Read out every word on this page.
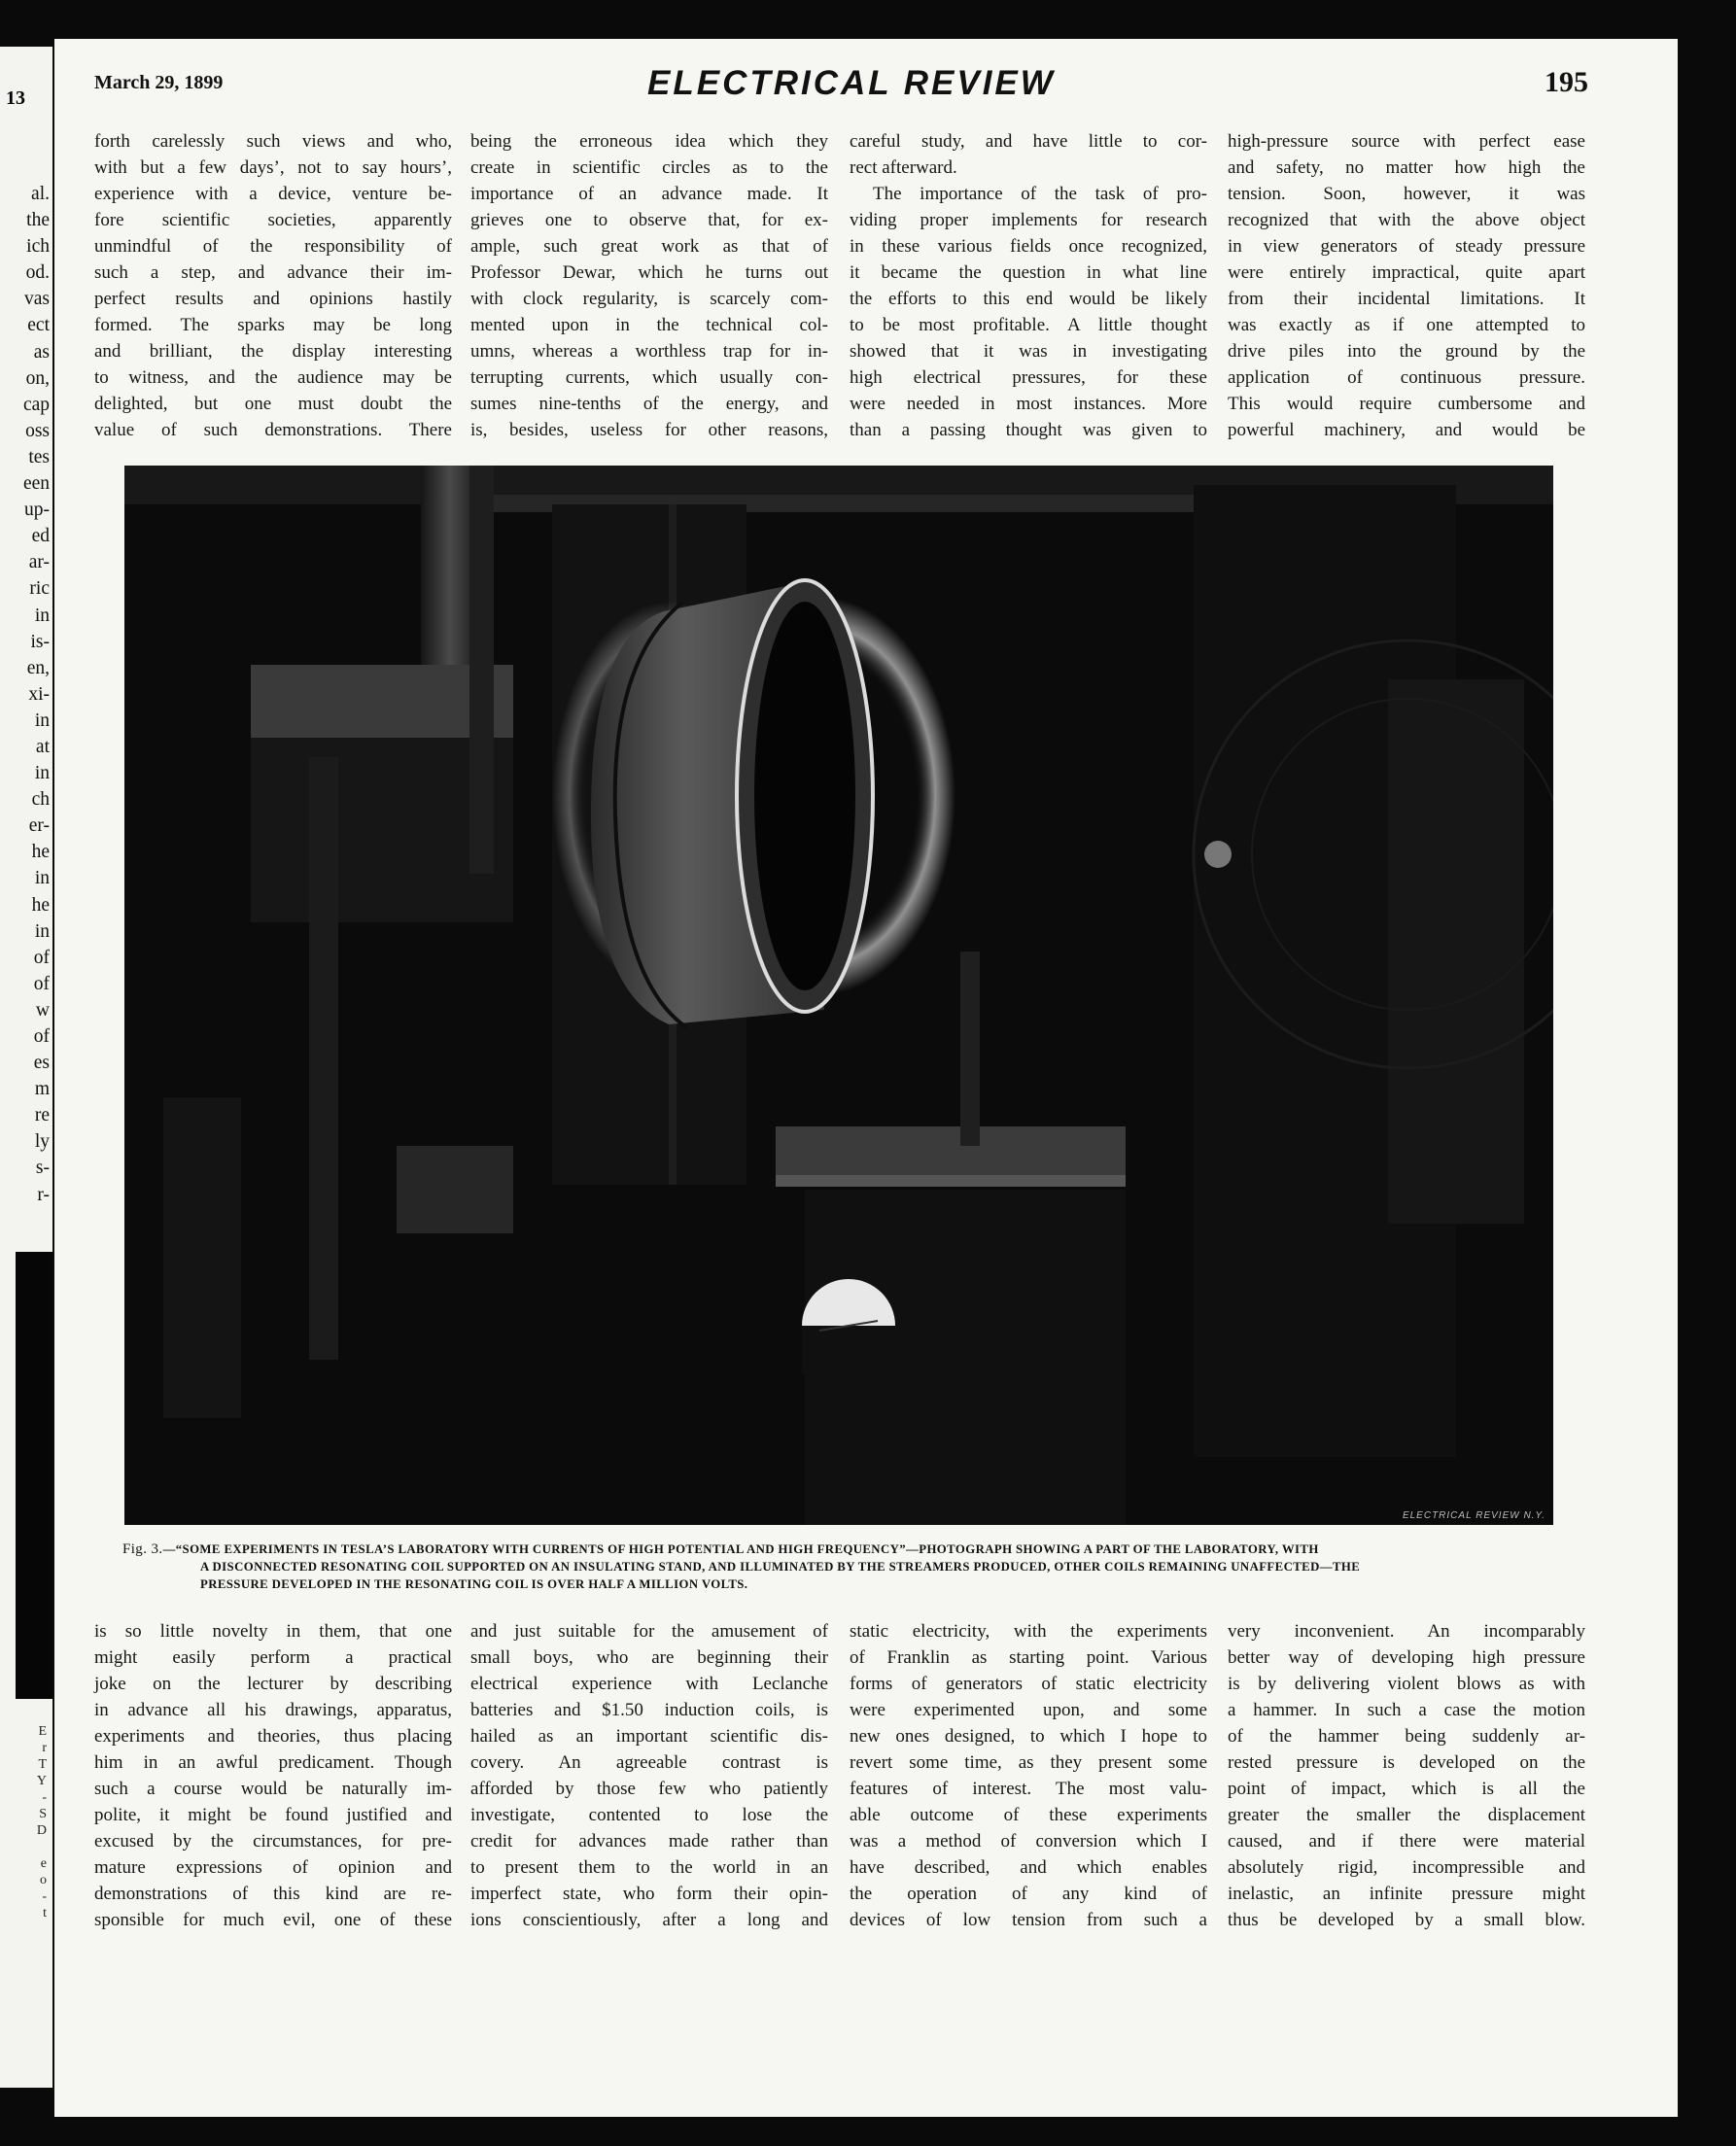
13
al.
the
ich
od.
vas
ect
as
on,
cap
oss
tes
een
up-
ed
ar-
ric
in
is-
en,
xi-
in
at
in
ch
er-
he
in
he
in
of
of
w
of
es
m
re
ly
s-
r-
E
r
T
Y
-
S
D

e
o
-
t
March 29, 1899	ELECTRICAL REVIEW	195
forth carelessly such views and who,
with but a few days’, not to say hours’,
experience with a device, venture be-
fore scientific societies, apparently
unmindful of the responsibility of
such a step, and advance their im-
perfect results and opinions hastily
formed. The sparks may be long
and brilliant, the display interesting
to witness, and the audience may be
delighted, but one must doubt the
value of such demonstrations. There
being the erroneous idea which they
create in scientific circles as to the
importance of an advance made. It
grieves one to observe that, for ex-
ample, such great work as that of
Professor Dewar, which he turns out
with clock regularity, is scarcely com-
mented upon in the technical col-
umns, whereas a worthless trap for in-
terrupting currents, which usually con-
sumes nine-tenths of the energy, and
is, besides, useless for other reasons,
careful study, and have little to cor-
rect afterward.
The importance of the task of pro-
viding proper implements for research
in these various fields once recognized,
it became the question in what line
the efforts to this end would be likely
to be most profitable. A little thought
showed that it was in investigating
high electrical pressures, for these
were needed in most instances. More
than a passing thought was given to
high-pressure source with perfect ease
and safety, no matter how high the
tension. Soon, however, it was
recognized that with the above object
in view generators of steady pressure
were entirely impractical, quite apart
from their incidental limitations. It
was exactly as if one attempted to
drive piles into the ground by the
application of continuous pressure.
This would require cumbersome and
powerful machinery, and would be
ELECTRICAL REVIEW N.Y.
Fig. 3.—“SOME EXPERIMENTS IN TESLA’S LABORATORY WITH CURRENTS OF HIGH POTENTIAL AND HIGH FREQUENCY”—PHOTOGRAPH SHOWING A PART OF THE LABORATORY, WITH
A DISCONNECTED RESONATING COIL SUPPORTED ON AN INSULATING STAND, AND ILLUMINATED BY THE STREAMERS PRODUCED, OTHER COILS REMAINING UNAFFECTED—THE
PRESSURE DEVELOPED IN THE RESONATING COIL IS OVER HALF A MILLION VOLTS.
is so little novelty in them, that one
might easily perform a practical
joke on the lecturer by describing
in advance all his drawings, apparatus,
experiments and theories, thus placing
him in an awful predicament. Though
such a course would be naturally im-
polite, it might be found justified and
excused by the circumstances, for pre-
mature expressions of opinion and
demonstrations of this kind are re-
sponsible for much evil, one of these
and just suitable for the amusement of
small boys, who are beginning their
electrical experience with Leclanche
batteries and $1.50 induction coils, is
hailed as an important scientific dis-
covery. An agreeable contrast is
afforded by those few who patiently
investigate, contented to lose the
credit for advances made rather than
to present them to the world in an
imperfect state, who form their opin-
ions conscientiously, after a long and
static electricity, with the experiments
of Franklin as starting point. Various
forms of generators of static electricity
were experimented upon, and some
new ones designed, to which I hope to
revert some time, as they present some
features of interest. The most valu-
able outcome of these experiments
was a method of conversion which I
have described, and which enables
the operation of any kind of
devices of low tension from such a
very inconvenient. An incomparably
better way of developing high pressure
is by delivering violent blows as with
a hammer. In such a case the motion
of the hammer being suddenly ar-
rested pressure is developed on the
point of impact, which is all the
greater the smaller the displacement
caused, and if there were material
absolutely rigid, incompressible and
inelastic, an infinite pressure might
thus be developed by a small blow.
